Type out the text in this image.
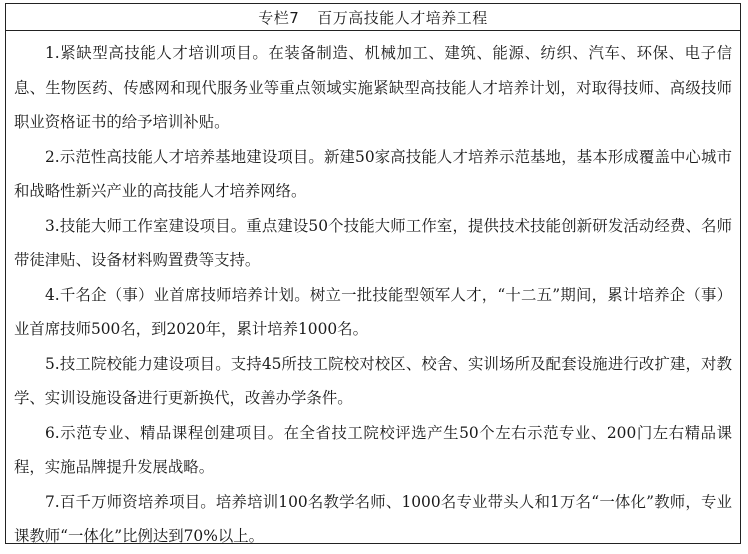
专栏7 百万高技能人才培养工程

1.紧缺型高技能人才培训项目。在装备制造、机械加工、建筑、能源、纺织、汽车、环保、电子信息、生物医药、传感网和现代服务业等重点领域实施紧缺型高技能人才培养计划，对取得技师、高级技师职业资格证书的给予培训补贴。

2.示范性高技能人才培养基地建设项目。新建50家高技能人才培养示范基地，基本形成覆盖中心城市和战略性新兴产业的高技能人才培养网络。

3.技能大师工作室建设项目。重点建设50个技能大师工作室，提供技术技能创新研发活动经费、名师带徒津贴、设备材料购置费等支持。

4.千名企（事）业首席技师培养计划。树立一批技能型领军人才，“十二五”期间，累计培养企（事）业首席技师500名，到2020年，累计培养1000名。

5.技工院校能力建设项目。支持45所技工院校对校区、校舍、实训场所及配套设施进行改扩建，对教学、实训设施设备进行更新换代，改善办学条件。

6.示范专业、精品课程创建项目。在全省技工院校评选产生50个左右示范专业、200门左右精品课程，实施品牌提升发展战略。

7.百千万师资培养项目。培养培训100名教学名师、1000名专业带头人和1万名“一体化”教师，专业课教师“一体化”比例达到70%以上。
